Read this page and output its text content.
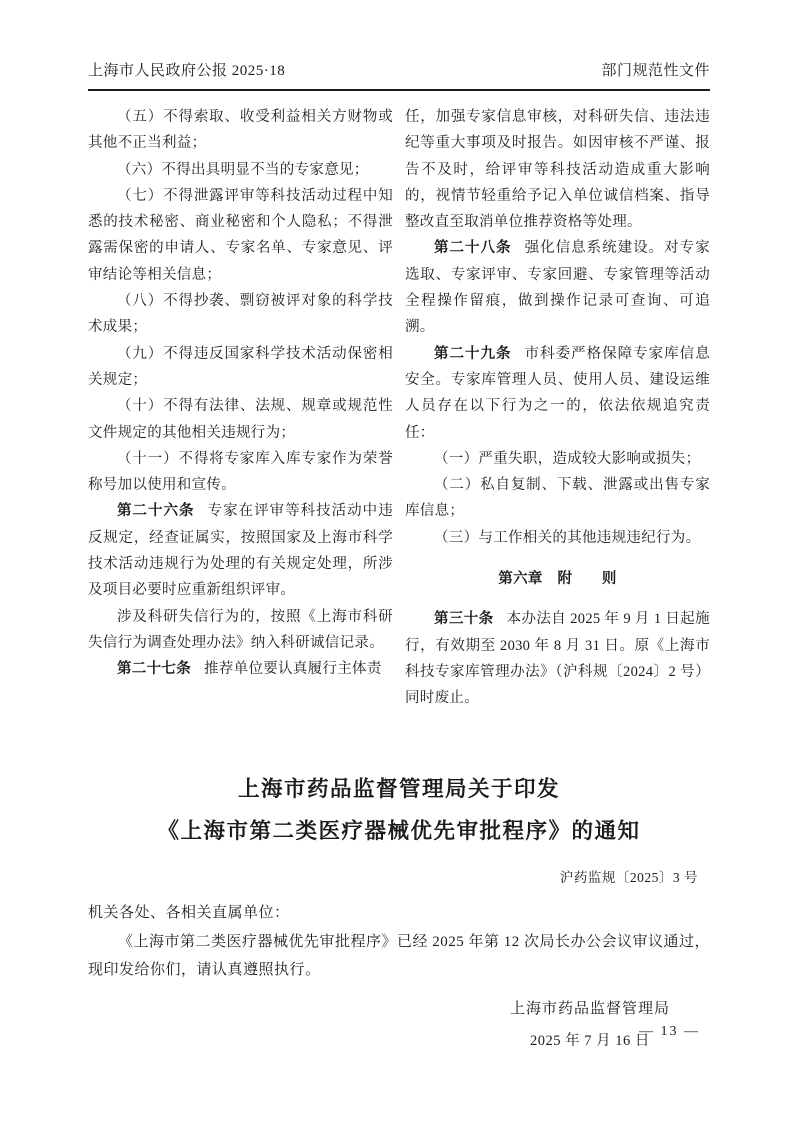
上海市人民政府公报 2025·18	部门规范性文件

（五）不得索取、收受利益相关方财物或其他不正当利益；

（六）不得出具明显不当的专家意见；

（七）不得泄露评审等科技活动过程中知悉的技术秘密、商业秘密和个人隐私；不得泄露需保密的申请人、专家名单、专家意见、评审结论等相关信息；

（八）不得抄袭、剽窃被评对象的科学技术成果；

（九）不得违反国家科学技术活动保密相关规定；

（十）不得有法律、法规、规章或规范性文件规定的其他相关违规行为；

（十一）不得将专家库入库专家作为荣誉称号加以使用和宣传。

第二十六条 专家在评审等科技活动中违反规定，经查证属实，按照国家及上海市科学技术活动违规行为处理的有关规定处理，所涉及项目必要时应重新组织评审。

涉及科研失信行为的，按照《上海市科研失信行为调查处理办法》纳入科研诚信记录。

第二十七条 推荐单位要认真履行主体责

任，加强专家信息审核，对科研失信、违法违纪等重大事项及时报告。如因审核不严谨、报告不及时，给评审等科技活动造成重大影响的，视情节轻重给予记入单位诚信档案、指导整改直至取消单位推荐资格等处理。

第二十八条 强化信息系统建设。对专家选取、专家评审、专家回避、专家管理等活动全程操作留痕，做到操作记录可查询、可追溯。

第二十九条 市科委严格保障专家库信息安全。专家库管理人员、使用人员、建设运维人员存在以下行为之一的，依法依规追究责任：

（一）严重失职，造成较大影响或损失；

（二）私自复制、下载、泄露或出售专家库信息；

（三）与工作相关的其他违规违纪行为。

第六章　附　　则

第三十条 本办法自 2025 年 9 月 1 日起施行，有效期至 2030 年 8 月 31 日。原《上海市科技专家库管理办法》（沪科规〔2024〕2 号）同时废止。

上海市药品监督管理局关于印发
《上海市第二类医疗器械优先审批程序》的通知
沪药监规〔2025〕3 号
机关各处、各相关直属单位：

《上海市第二类医疗器械优先审批程序》已经 2025 年第 12 次局长办公会议审议通过，现印发给你们，请认真遵照执行。

上海市药品监督管理局
2025 年 7 月 16 日
— 13 —
